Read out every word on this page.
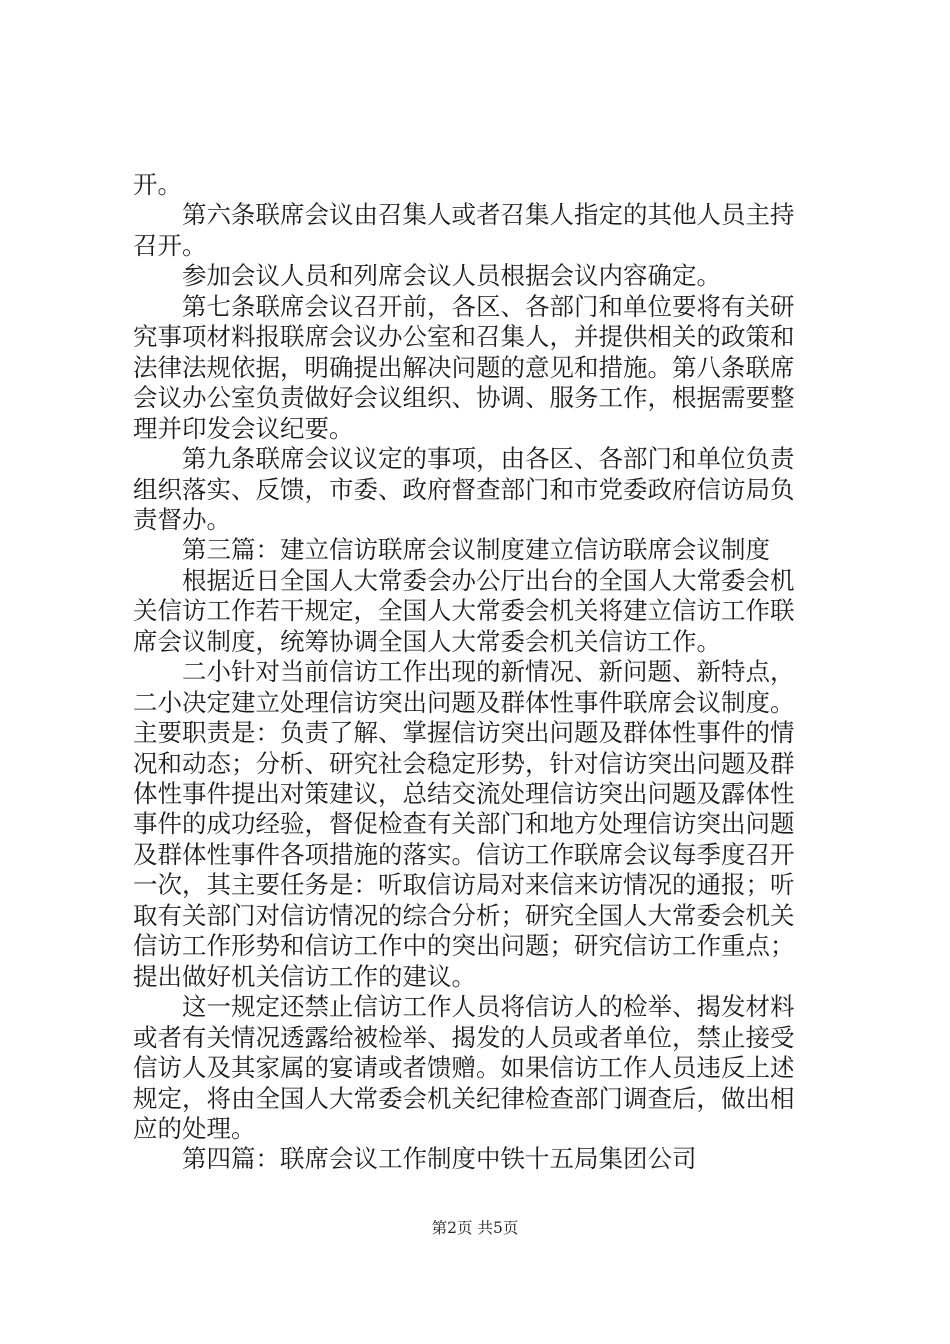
开。
第六条联席会议由召集人或者召集人指定的其他人员主持
召开。
参加会议人员和列席会议人员根据会议内容确定。
第七条联席会议召开前，各区、各部门和单位要将有关研
究事项材料报联席会议办公室和召集人，并提供相关的政策和
法律法规依据，明确提出解决问题的意见和措施。第八条联席
会议办公室负责做好会议组织、协调、服务工作，根据需要整
理并印发会议纪要。
第九条联席会议议定的事项，由各区、各部门和单位负责
组织落实、反馈，市委、政府督查部门和市党委政府信访局负
责督办。
第三篇：建立信访联席会议制度建立信访联席会议制度
根据近日全国人大常委会办公厅出台的全国人大常委会机
关信访工作若干规定，全国人大常委会机关将建立信访工作联
席会议制度，统筹协调全国人大常委会机关信访工作。
二小针对当前信访工作出现的新情况、新问题、新特点，
二小决定建立处理信访突出问题及群体性事件联席会议制度。
主要职责是：负责了解、掌握信访突出问题及群体性事件的情
况和动态；分析、研究社会稳定形势，针对信访突出问题及群
体性事件提出对策建议，总结交流处理信访突出问题及霹体性
事件的成功经验，督促检查有关部门和地方处理信访突出问题
及群体性事件各项措施的落实。信访工作联席会议每季度召开
一次，其主要任务是：听取信访局对来信来访情况的通报；听
取有关部门对信访情况的综合分析；研究全国人大常委会机关
信访工作形势和信访工作中的突出问题；研究信访工作重点；
提出做好机关信访工作的建议。
这一规定还禁止信访工作人员将信访人的检举、揭发材料
或者有关情况透露给被检举、揭发的人员或者单位，禁止接受
信访人及其家属的宴请或者馈赠。如果信访工作人员违反上述
规定，将由全国人大常委会机关纪律检查部门调查后，做出相
应的处理。
第四篇：联席会议工作制度中铁十五局集团公司
第2页 共5页
